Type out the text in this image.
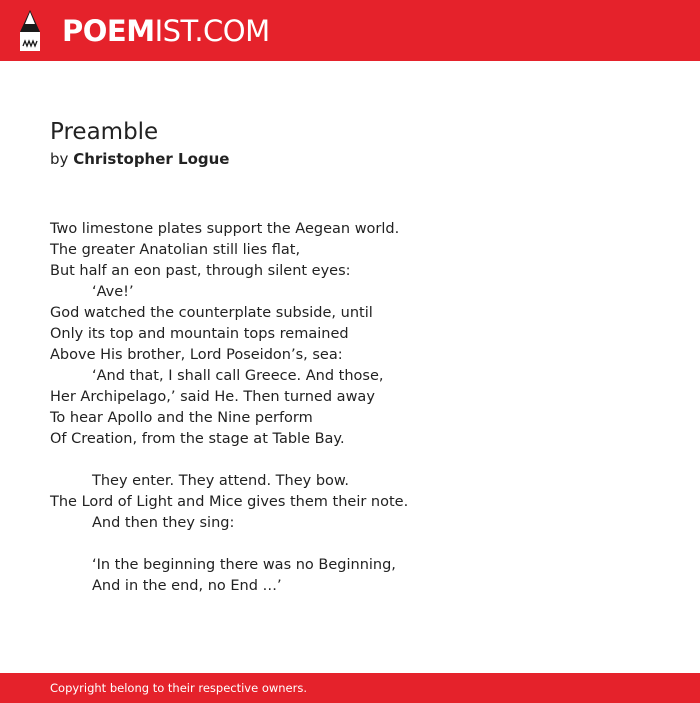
POEMIST.COM
Preamble
by Christopher Logue
Two limestone plates support the Aegean world.
The greater Anatolian still lies flat,
But half an eon past, through silent eyes:
‘Ave!’
God watched the counterplate subside, until
Only its top and mountain tops remained
Above His brother, Lord Poseidon’s, sea:
‘And that, I shall call Greece. And those,
Her Archipelago,’ said He. Then turned away
To hear Apollo and the Nine perform
Of Creation, from the stage at Table Bay.
They enter. They attend. They bow.
The Lord of Light and Mice gives them their note.
And then they sing:
‘In the beginning there was no Beginning,
And in the end, no End …’
Copyright belong to their respective owners.
